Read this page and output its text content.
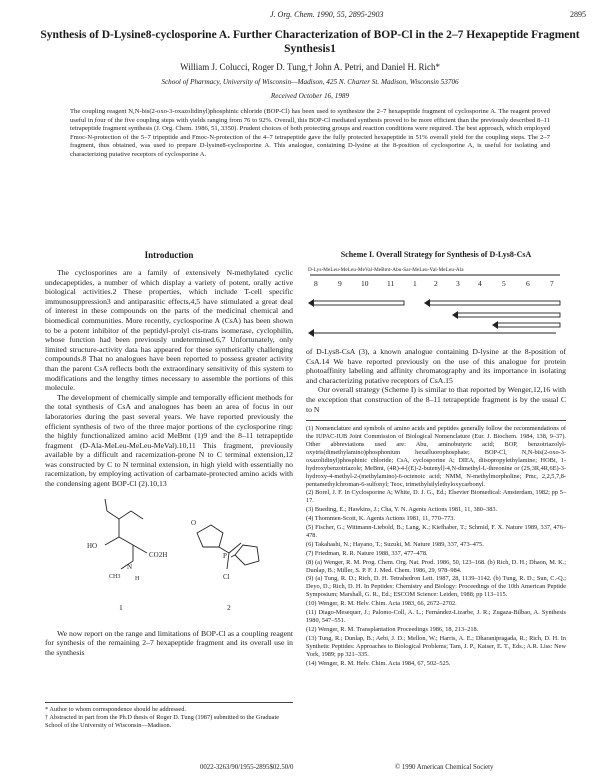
J. Org. Chem. 1990, 55, 2895-2903	2895
Synthesis of D-Lysine8-cyclosporine A. Further Characterization of BOP-Cl in the 2–7 Hexapeptide Fragment Synthesis1
William J. Colucci, Roger D. Tung,† John A. Petri, and Daniel H. Rich*
School of Pharmacy, University of Wisconsin—Madison, 425 N. Charter St. Madison, Wisconsin 53706
Received October 16, 1989

The coupling reagent N,N-bis(2-oxo-3-oxazolidinyl)phosphinic chloride (BOP-Cl) has been used to synthesize the 2–7 hexapeptide fragment of cyclosporine A. The reagent proved useful in four of the five coupling steps with yields ranging from 76 to 92%. Overall, this BOP-Cl mediated synthesis proved to be more efficient than the previously described 8–11 tetrapeptide fragment synthesis (J. Org. Chem. 1986, 51, 3350). Prudent choices of both protecting groups and reaction conditions were required. The best approach, which employed Fmoc-N-protection of the 5–7 tripeptide and Fmoc-N-protection of the 4–7 tetrapeptide gave the fully protected hexapeptide in 51% overall yield for the coupling steps. The 2–7 fragment, thus obtained, was used to prepare D-lysine8-cyclosporine A. This analogue, containing D-lysine at the 8-position of cyclosporine A, is useful for isolating and characterizing putative receptors of cyclosporine A.

Introduction

The cyclosporines are a family of extensively N-methylated cyclic undecapeptides, a number of which display a variety of potent, orally active biological activities.2 These properties, which include T-cell specific immunosuppression3 and antiparasitic effects,4,5 have stimulated a great deal of interest in these compounds on the parts of the medicinal chemical and biomedical communities. More recently, cyclosporine A (CsA) has been shown to be a potent inhibitor of the peptidyl-prolyl cis-trans isomerase, cyclophilin, whose function had been previously undetermined.6,7 Unfortunately, only limited structure-activity data has appeared for these synthetically challenging compounds.8 That no analogues have been reported to possess greater activity than the parent CsA reflects both the extraordinary sensitivity of this system to modifications and the lengthy times necessary to assemble the portions of this molecule.

The development of chemically simple and temporally efficient methods for the total synthesis of CsA and analogues has been an area of focus in our laboratories during the past several years. We have reported previously the efficient synthesis of two of the three major portions of the cyclosporine ring: the highly functionalized amino acid MeBmt (1)9 and the 8–11 tetrapeptide fragment (D-Ala-MeLeu-MeLeu-MeVal).10,11 This fragment, previously available by a difficult and racemization-prone N to C terminal extension,12 was constructed by C to N terminal extension, in high yield with essentially no racemization, by employing activation of carbamate-protected amino acids with the condensing agent BOP-Cl (2).10,13

HO
CO2H
N
CH3 H
1
P
Cl
O
2

We now report on the range and limitations of BOP-Cl as a coupling reagent for synthesis of the remaining 2–7 hexapeptide fragment and its overall use in the synthesis

* Author to whom correspondence should be addressed.

† Abstracted in part from the Ph.D thesis of Roger D. Tung (1987) submitted to the Graduate School of the University of Wisconsin—Madison.

Scheme I. Overall Strategy for Synthesis of D-Lys8-CsA
D-Lys-MeLeu-MeLeu-MeVal-MeBmt-Abu-Sar-MeLeu-Val-MeLeu-Ala
8	9	10 11	1 2 3 4	5	6	7

of D-Lys8-CsA (3), a known analogue containing D-lysine at the 8-position of CsA.14 We have reported previously on the use of this analogue for protein photoaffinity labeling and affinity chromatography and its importance in isolating and characterizing putative receptors of CsA.15

Our overall strategy (Scheme I) is similar to that reported by Wenger,12,16 with the exception that construction of the 8–11 tetrapeptide fragment is by the usual C to N

(1) Nomenclature and symbols of amino acids and peptides generally follow the recommendations of the IUPAC-IUB Joint Commission of Biological Nomenclature (Eur. J. Biochem. 1984, 138, 9–37). Other abbreviations used are: Abu, aminobutyric acid; BOP, benzotriazolyl-oxytris(dimethylamino)phosphonium hexafluorophosphate; BOP-Cl, N,N-bis(2-oxo-3-oxazolidinyl)phosphinic chloride; CsA, cyclosporine A; DIEA, diisopropylethylamine; HOBt, 1-hydroxybenzotriazole; MeBmt, (4R)-4-[(E)-2-butenyl]-4,N-dimethyl-L-threonine or (2S,3R,4R,6E)-3-hydroxy-4-methyl-2-(methylamino)-6-octenoic acid; NMM, N-methylmorpholine; Pmc, 2,2,5,7,8-pentamethylchroman-6-sulfonyl; Teoc, trimethylsilylethyloxycarbonyl.

(2) Borel, J. F. In Cyclosporine A; White, D. J. G., Ed.; Elsevier Biomedical: Amsterdam, 1982; pp 5–17.

(3) Bueding, E.; Hawkins, J.; Cha, Y. N. Agents Actions 1981, 11, 380–383.

(4) Thommen-Scott, K. Agents Actions 1981, 11, 770–773.

(5) Fischer, G.; Wittmann-Liebold, B.; Lang, K.; Kiefhaber, T.; Schmid, F. X. Nature 1989, 337, 476–478.

(6) Takahashi, N.; Hayano, T.; Suzuki, M. Nature 1989, 337, 473–475.

(7) Friedman, R. R. Nature 1988, 337, 477–478.

(8) (a) Wenger, R. M. Prog. Chem. Org. Nat. Prod. 1986, 50, 123–168. (b) Rich, D. H.; Dhaon, M. K.; Dunlap, B.; Miller, S. P. F. J. Med. Chem. 1986, 29, 978–984.

(9) (a) Tung, R. D.; Rich, D. H. Tetrahedron Lett. 1987, 28, 1139–1142. (b) Tung, R. D.; Sun, C.-Q.; Deyo, D.; Rich, D. H. In Peptides: Chemistry and Biology: Proceedings of the 10th American Peptide Symposium; Marshall, G. R., Ed.; ESCOM Science: Leiden, 1988; pp 113–115.

(10) Wenger, R. M. Helv. Chim. Acta 1983, 66, 2672–2702.

(11) Diago-Mesequer, J.; Palomo-Coll, A. L.; Fernández-Lizarbe, J. R.; Zugaza-Bilbao, A. Synthesis 1980, 547–551.

(12) Wenger, R. M. Transplantation Proceedings 1986, 18, 213–218.

(13) Tung, R.; Dunlap, B.; Aebi, J. D.; Mellon, W.; Harris, A. E.; Dharanipragada, R.; Rich, D. H. In Synthetic Peptides: Approaches to Biological Problems; Tam, J. P., Kaiser, E. T., Eds.; A.R. Liss: New York, 1989; pp 321–335.

(14) Wenger, R. M. Helv. Chim. Acta 1984, 67, 502–525.

0022-3263/90/1955-2895$02.50/0	© 1990 American Chemical Society
